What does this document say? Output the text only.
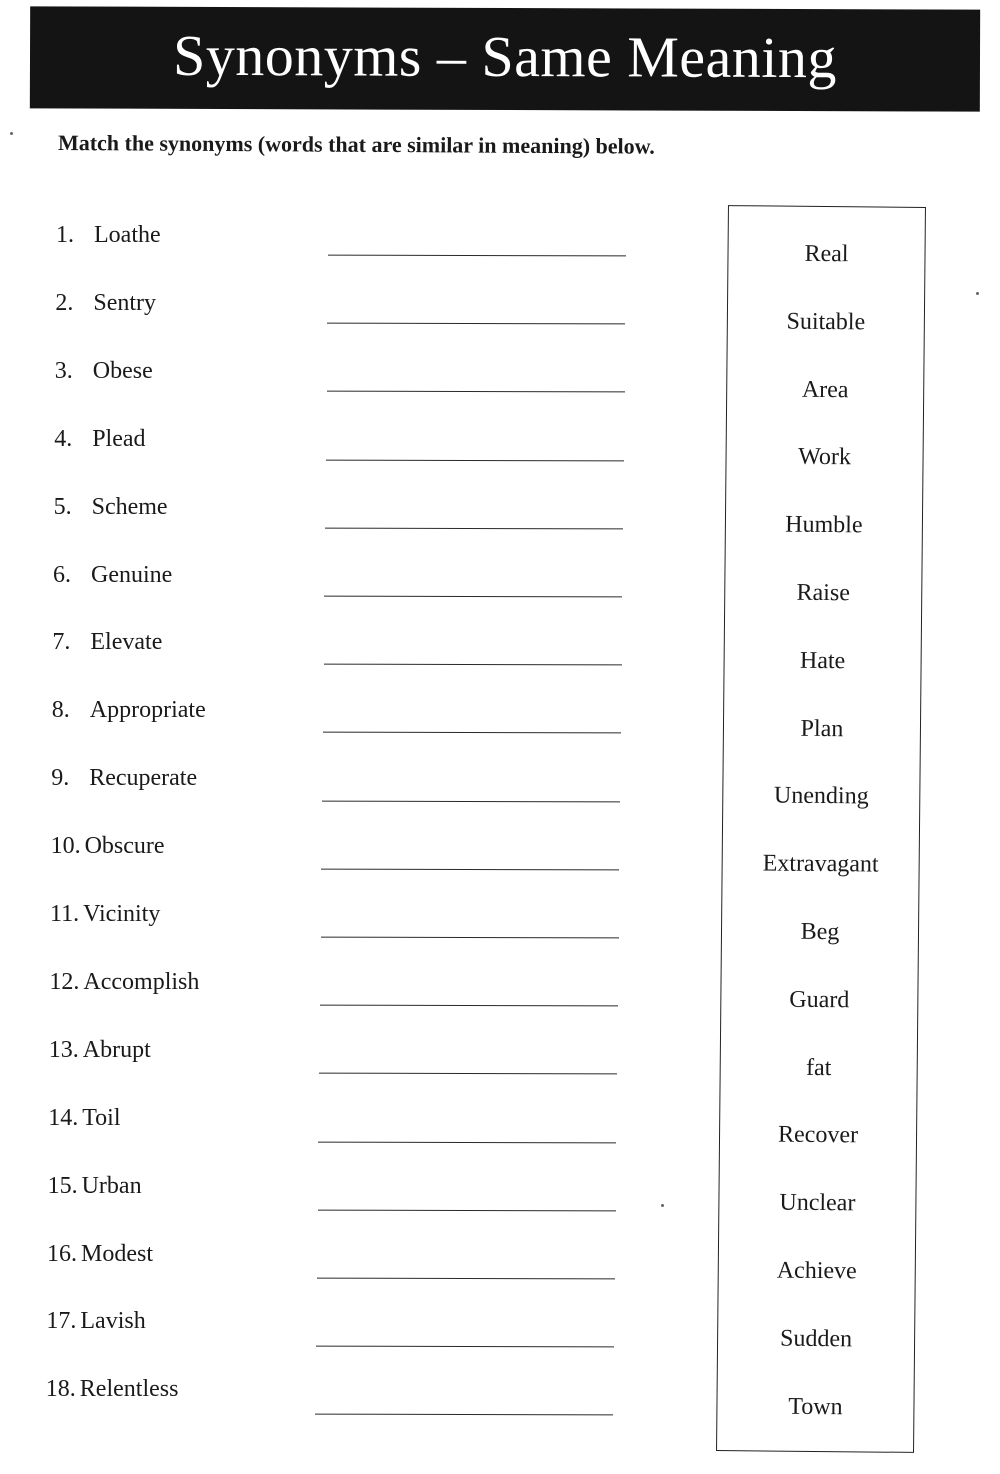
Synonyms – Same Meaning
Match the synonyms (words that are similar in meaning) below.
1. Loathe
2. Sentry
3. Obese
4. Plead
5. Scheme
6. Genuine
7. Elevate
8. Appropriate
9. Recuperate
10. Obscure
11. Vicinity
12. Accomplish
13. Abrupt
14. Toil
15. Urban
16. Modest
17. Lavish
18. Relentless
Real
Suitable
Area
Work
Humble
Raise
Hate
Plan
Unending
Extravagant
Beg
Guard
fat
Recover
Unclear
Achieve
Sudden
Town
